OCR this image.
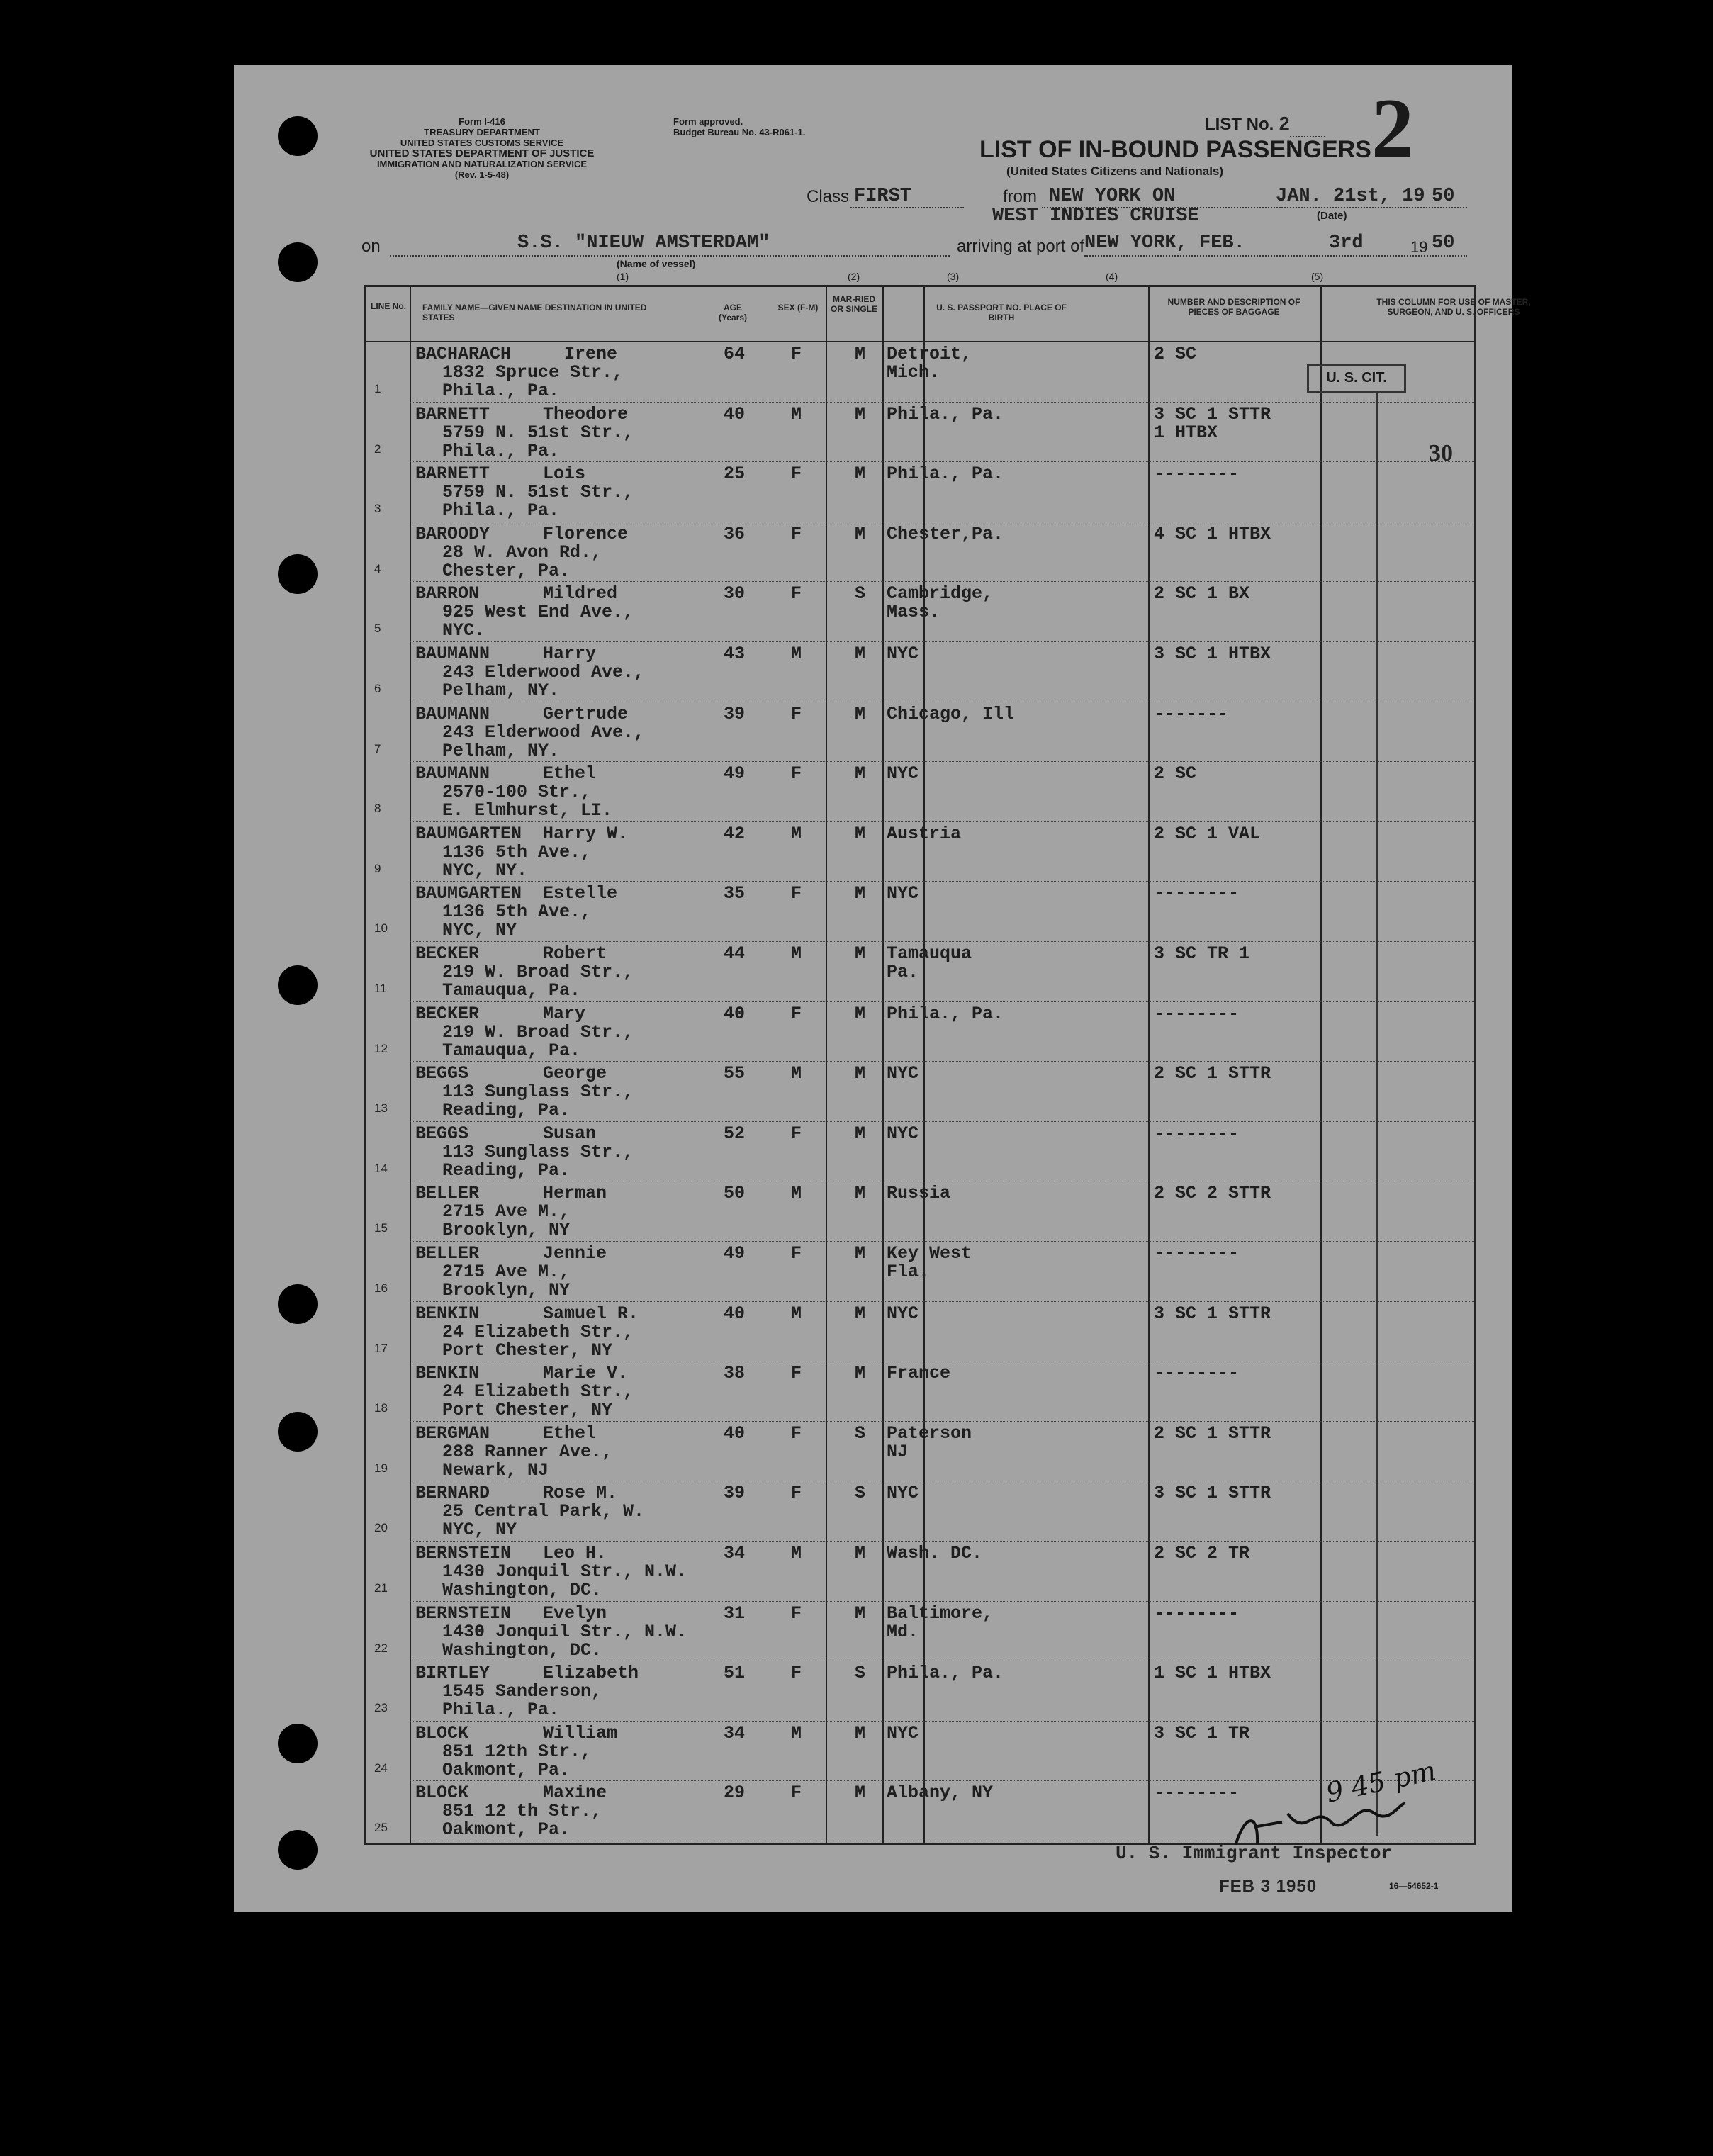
Form I-416
TREASURY DEPARTMENT
UNITED STATES CUSTOMS SERVICE
UNITED STATES DEPARTMENT OF JUSTICE
IMMIGRATION AND NATURALIZATION SERVICE
(Rev. 1-5-48)
Form approved.
Budget Bureau No. 43-R061-1.	LIST No. 2 2
LIST OF IN-BOUND PASSENGERS
(United States Citizens and Nationals)
Class FIRST	from NEW YORK ON
WEST INDIES CRUISE
JAN. 21st, 19 50
(Date)
on	S.S. "NIEUW AMSTERDAM"
(Name of vessel)
arriving at port of NEW YORK, FEB.	3rd	19 50
(1)	(2)	(3)	(4)	(5)
LINE No. FAMILY NAME—GIVEN NAME DESTINATION IN UNITED STATES
AGE (Years)
SEX (F-M)
MAR-RIED OR SINGLE	U. S. PASSPORT NO. PLACE OF BIRTH
NUMBER AND DESCRIPTION OF PIECES OF BAGGAGE
THIS COLUMN FOR USE OF MASTER, SURGEON, AND U. S. OFFICERS
1
BACHARACH     Irene
1832 Spruce Str.,
Phila., Pa.
64	F	M Detroit,
Mich.
2 SC
2
BARNETT     Theodore
5759 N. 51st Str.,
Phila., Pa.
40	M	M Phila., Pa.	3 SC 1 STTR
1 HTBX
3
BARNETT     Lois
5759 N. 51st Str.,
Phila., Pa.
25	F	M Phila., Pa.	--------
4
BAROODY     Florence
28 W. Avon Rd.,
Chester, Pa.
36	F	M Chester,Pa.	4 SC 1 HTBX
5
BARRON      Mildred
925 West End Ave.,
NYC.
30	F	S Cambridge,
Mass.
2 SC 1 BX
6
BAUMANN     Harry
243 Elderwood Ave.,
Pelham, NY.
43	M	M NYC	3 SC 1 HTBX
7
BAUMANN     Gertrude
243 Elderwood Ave.,
Pelham, NY.
39	F	M Chicago, Ill	-------
8
BAUMANN     Ethel
2570-100 Str.,
E. Elmhurst, LI.
49	F	M NYC	2 SC
9
BAUMGARTEN  Harry W.
1136 5th Ave.,
NYC, NY.
42	M	M Austria	2 SC 1 VAL
10
BAUMGARTEN  Estelle
1136 5th Ave.,
NYC, NY
35	F	M NYC	--------
11
BECKER      Robert
219 W. Broad Str.,
Tamauqua, Pa.
44	M	M Tamauqua
Pa.
3 SC TR 1
12
BECKER      Mary
219 W. Broad Str.,
Tamauqua, Pa.
40	F	M Phila., Pa.	--------
13
BEGGS       George
113 Sunglass Str.,
Reading, Pa.
55	M	M NYC	2 SC 1 STTR
14
BEGGS       Susan
113 Sunglass Str.,
Reading, Pa.
52	F	M NYC	--------
15
BELLER      Herman
2715 Ave M.,
Brooklyn, NY
50	M	M Russia	2 SC 2 STTR
16
BELLER      Jennie
2715 Ave M.,
Brooklyn, NY
49	F	M Key West
Fla.
--------
17
BENKIN      Samuel R.
24 Elizabeth Str.,
Port Chester, NY
40	M	M NYC	3 SC 1 STTR
18
BENKIN      Marie V.
24 Elizabeth Str.,
Port Chester, NY
38	F	M France	--------
19
BERGMAN     Ethel
288 Ranner Ave.,
Newark, NJ
40	F	S Paterson
NJ
2 SC 1 STTR
20
BERNARD     Rose M.
25 Central Park, W.
NYC, NY
39	F	S NYC	3 SC 1 STTR
21
BERNSTEIN   Leo H.
1430 Jonquil Str., N.W.
Washington, DC.
34	M	M Wash. DC.	2 SC 2 TR
22
BERNSTEIN   Evelyn
1430 Jonquil Str., N.W.
Washington, DC.
31	F	M Baltimore,
Md.
--------
23
BIRTLEY     Elizabeth
1545 Sanderson,
Phila., Pa.
51	F	S Phila., Pa.	1 SC 1 HTBX
24
BLOCK       William
851 12th Str.,
Oakmont, Pa.
34	M	M NYC	3 SC 1 TR
25
BLOCK       Maxine
851 12 th Str.,
Oakmont, Pa.
29	F	M Albany, NY	--------
U. S. CIT.
30
9 45 pm
U. S. Immigrant Inspector
FEB 3 1950	16—54652-1
